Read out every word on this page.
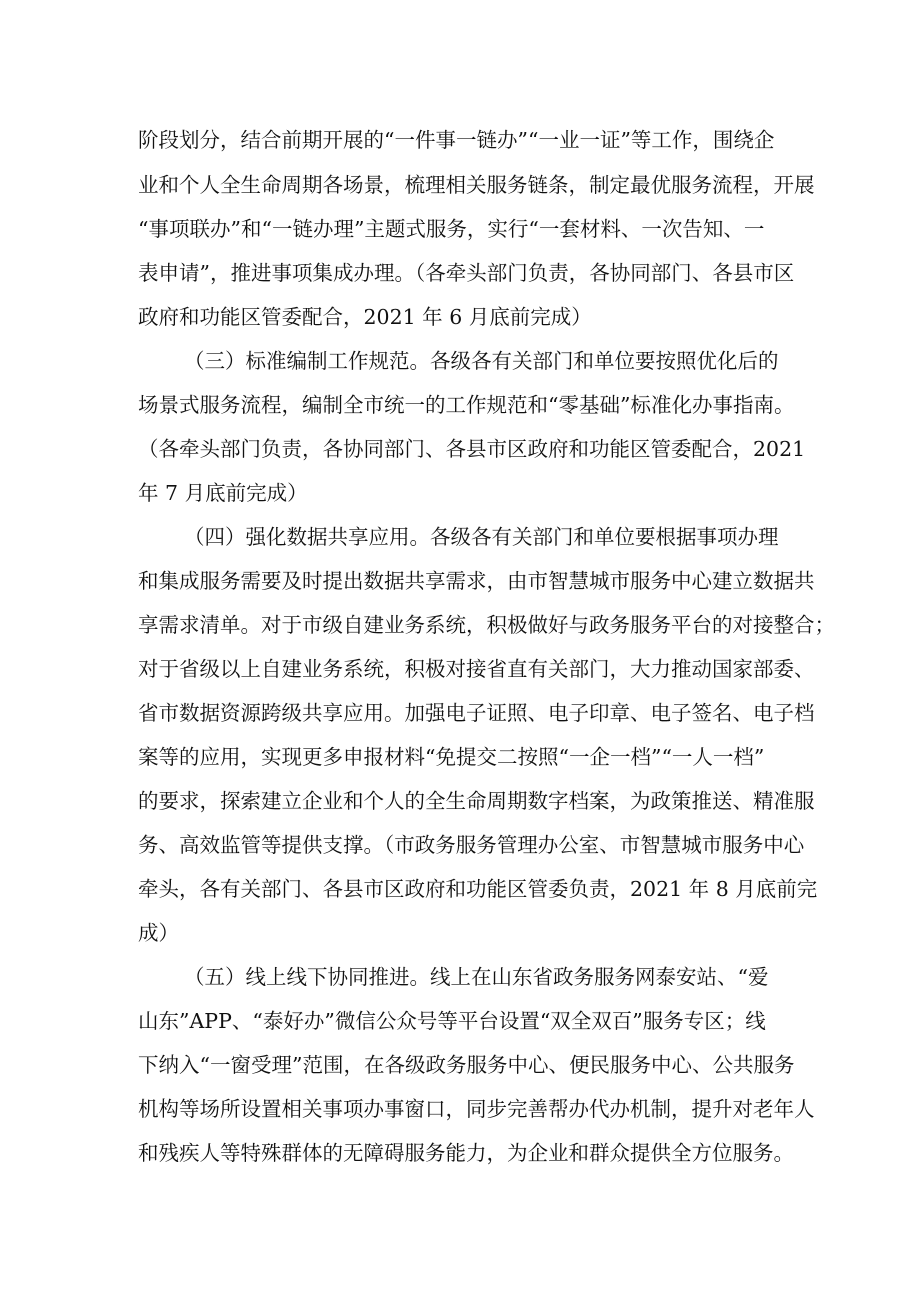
阶段划分，结合前期开展的“一件事一链办”“一业一证”等工作，围绕企
业和个人全生命周期各场景，梳理相关服务链条，制定最优服务流程，开展
“事项联办”和“一链办理”主题式服务，实行“一套材料、一次告知、一
表申请”，推进事项集成办理。（各牵头部门负责，各协同部门、各县市区
政府和功能区管委配合，2021 年 6 月底前完成）
（三）标准编制工作规范。各级各有关部门和单位要按照优化后的
场景式服务流程，编制全市统一的工作规范和“零基础”标准化办事指南。
（各牵头部门负责，各协同部门、各县市区政府和功能区管委配合，2021
年 7 月底前完成）
（四）强化数据共享应用。各级各有关部门和单位要根据事项办理
和集成服务需要及时提出数据共享需求，由市智慧城市服务中心建立数据共
享需求清单。对于市级自建业务系统，积极做好与政务服务平台的对接整合；
对于省级以上自建业务系统，积极对接省直有关部门，大力推动国家部委、
省市数据资源跨级共享应用。加强电子证照、电子印章、电子签名、电子档
案等的应用，实现更多申报材料“免提交二按照“一企一档”“一人一档”
的要求，探索建立企业和个人的全生命周期数字档案，为政策推送、精准服
务、高效监管等提供支撑。（市政务服务管理办公室、市智慧城市服务中心
牵头，各有关部门、各县市区政府和功能区管委负责，2021 年 8 月底前完
成）
（五）线上线下协同推进。线上在山东省政务服务网泰安站、“爱
山东”APP、“泰好办”微信公众号等平台设置“双全双百”服务专区；线
下纳入“一窗受理”范围，在各级政务服务中心、便民服务中心、公共服务
机构等场所设置相关事项办事窗口，同步完善帮办代办机制，提升对老年人
和残疾人等特殊群体的无障碍服务能力，为企业和群众提供全方位服务。
